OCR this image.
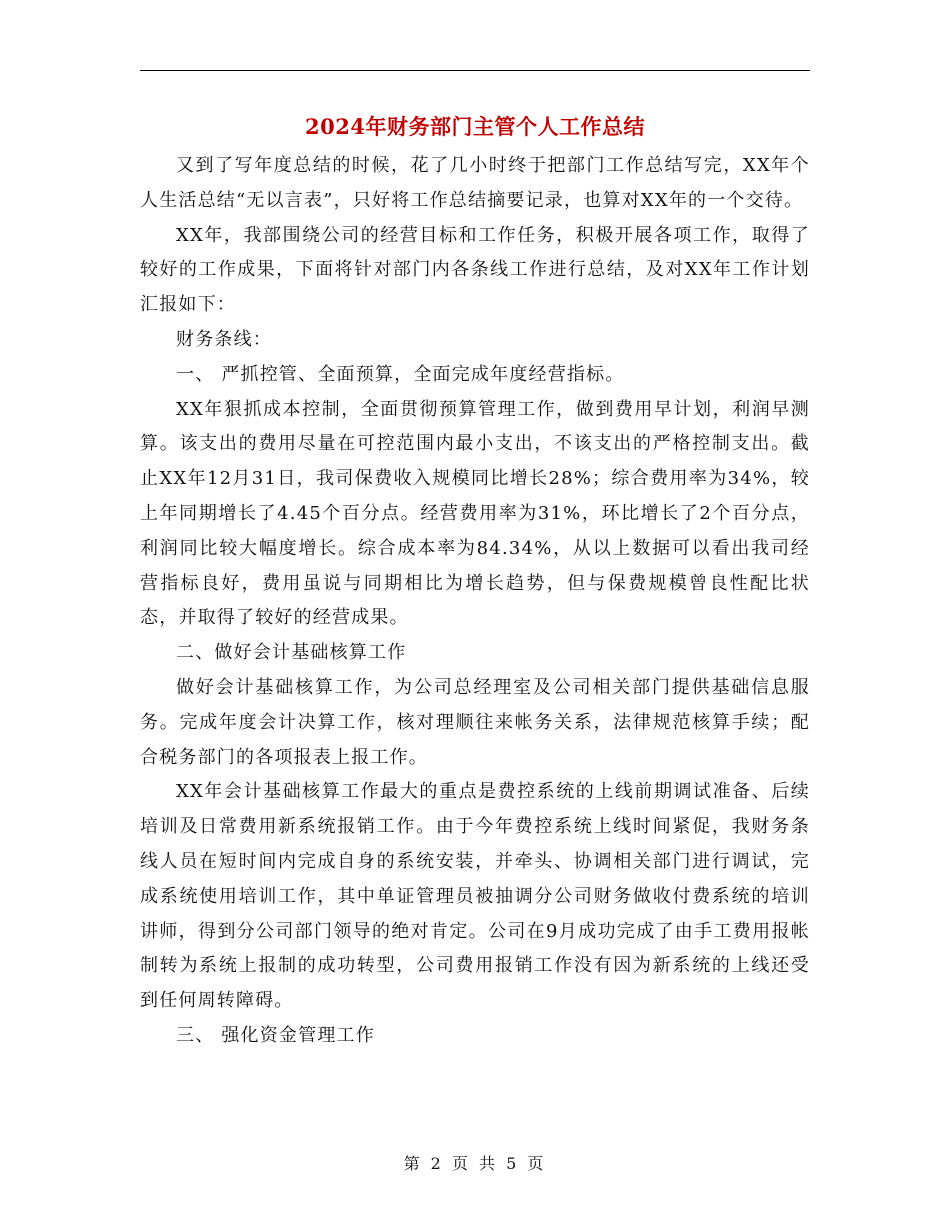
2024年财务部门主管个人工作总结

又到了写年度总结的时候，花了几小时终于把部门工作总结写完，XX年个人生活总结“无以言表”，只好将工作总结摘要记录，也算对XX年的一个交待。

XX年，我部围绕公司的经营目标和工作任务，积极开展各项工作，取得了较好的工作成果，下面将针对部门内各条线工作进行总结，及对XX年工作计划汇报如下：

财务条线：

一、 严抓控管、全面预算，全面完成年度经营指标。

XX年狠抓成本控制，全面贯彻预算管理工作，做到费用早计划，利润早测算。该支出的费用尽量在可控范围内最小支出，不该支出的严格控制支出。截止XX年12月31日，我司保费收入规模同比增长28%；综合费用率为34%，较上年同期增长了4.45个百分点。经营费用率为31%，环比增长了2个百分点，利润同比较大幅度增长。综合成本率为84.34%，从以上数据可以看出我司经营指标良好，费用虽说与同期相比为增长趋势，但与保费规模曾良性配比状态，并取得了较好的经营成果。

二、做好会计基础核算工作

做好会计基础核算工作，为公司总经理室及公司相关部门提供基础信息服务。完成年度会计决算工作，核对理顺往来帐务关系，法律规范核算手续；配合税务部门的各项报表上报工作。

XX年会计基础核算工作最大的重点是费控系统的上线前期调试准备、后续培训及日常费用新系统报销工作。由于今年费控系统上线时间紧促，我财务条线人员在短时间内完成自身的系统安装，并牵头、协调相关部门进行调试，完成系统使用培训工作，其中单证管理员被抽调分公司财务做收付费系统的培训讲师，得到分公司部门领导的绝对肯定。公司在9月成功完成了由手工费用报帐制转为系统上报制的成功转型，公司费用报销工作没有因为新系统的上线还受到任何周转障碍。

三、 强化资金管理工作

第 2 页 共 5 页
